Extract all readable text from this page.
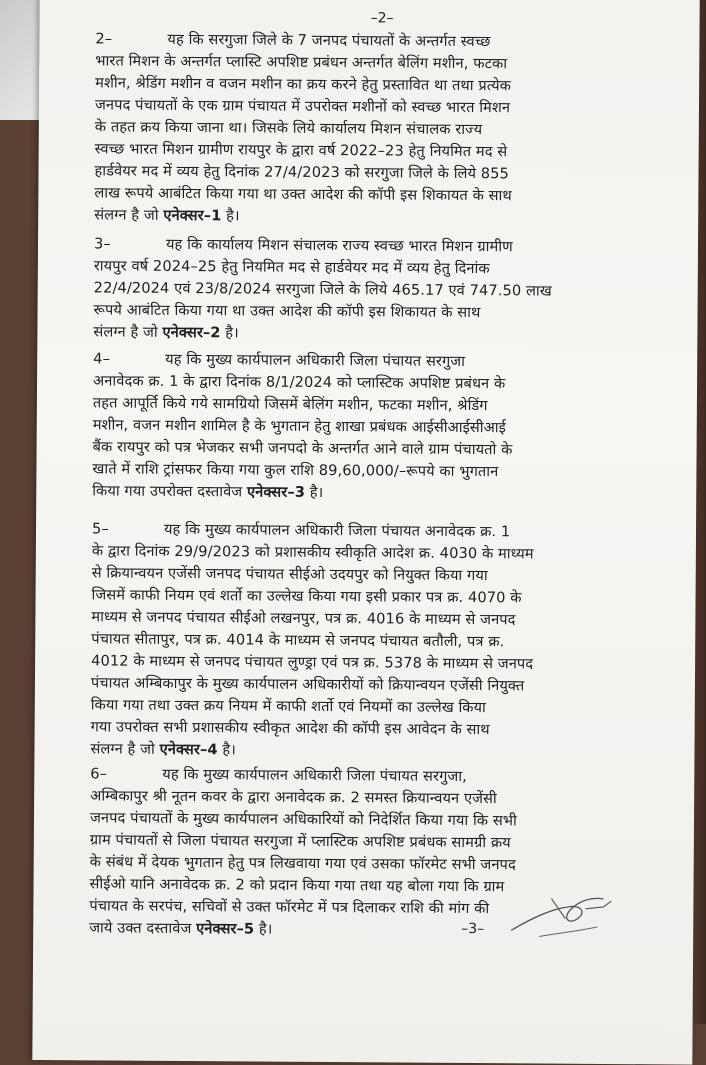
–2–
2–	यह कि सरगुजा जिले के 7 जनपद पंचायतों के अन्तर्गत स्वच्छ
भारत मिशन के अन्तर्गत प्लास्टि अपशिष्ट प्रबंधन अन्तर्गत बेलिंग मशीन, फटका
मशीन, श्रेडिंग मशीन व वजन मशीन का क्रय करने हेतु प्रस्तावित था तथा प्रत्येक
जनपद पंचायतों के एक ग्राम पंचायत में उपरोक्त मशीनों को स्वच्छ भारत मिशन
के तहत क्रय किया जाना था। जिसके लिये कार्यालय मिशन संचालक राज्य
स्वच्छ भारत मिशन ग्रामीण रायपुर के द्वारा वर्ष 2022–23 हेतु नियमित मद से
हार्डवेयर मद में व्यय हेतु दिनांक 27/4/2023 को सरगुजा जिले के लिये 855
लाख रूपये आबंटित किया गया था उक्त आदेश की कॉपी इस शिकायत के साथ
संलग्न है जो एनेक्सर–1 है।
3–	यह कि कार्यालय मिशन संचालक राज्य स्वच्छ भारत मिशन ग्रामीण
रायपुर वर्ष 2024–25 हेतु नियमित मद से हार्डवेयर मद में व्यय हेतु दिनांक
22/4/2024 एवं 23/8/2024 सरगुजा जिले के लिये 465.17 एवं 747.50 लाख
रूपये आबंटित किया गया था उक्त आदेश की कॉपी इस शिकायत के साथ
संलग्न है जो एनेक्सर–2 है।
4–	यह कि मुख्य कार्यपालन अधिकारी जिला पंचायत सरगुजा
अनावेदक क्र. 1 के द्वारा दिनांक 8/1/2024 को प्लास्टिक अपशिष्ट प्रबंधन के
तहत आपूर्ति किये गये सामग्रियो जिसमें बेलिंग मशीन, फटका मशीन, श्रेडिंग
मशीन, वजन मशीन शामिल है के भुगतान हेतु शाखा प्रबंधक आईसीआईसीआई
बैंक रायपुर को पत्र भेजकर सभी जनपदो के अन्तर्गत आने वाले ग्राम पंचायतो के
खाते में राशि ट्रांसफर किया गया कुल राशि 89,60,000/–रूपये का भुगतान
किया गया उपरोक्त दस्तावेज एनेक्सर–3 है।
5–	यह कि मुख्य कार्यपालन अधिकारी जिला पंचायत अनावेदक क्र. 1
के द्वारा दिनांक 29/9/2023 को प्रशासकीय स्वीकृति आदेश क्र. 4030 के माध्यम
से क्रियान्वयन एजेंसी जनपद पंचायत सीईओ उदयपुर को नियुक्त किया गया
जिसमें काफी नियम एवं शर्तो का उल्लेख किया गया इसी प्रकार पत्र क्र. 4070 के
माध्यम से जनपद पंचायत सीईओ लखनपुर, पत्र क्र. 4016 के माध्यम से जनपद
पंचायत सीतापुर, पत्र क्र. 4014 के माध्यम से जनपद पंचायत बतौली, पत्र क्र.
4012 के माध्यम से जनपद पंचायत लुण्ड्रा एवं पत्र क्र. 5378 के माध्यम से जनपद
पंचायत अम्बिकापुर के मुख्य कार्यपालन अधिकारीयों को क्रियान्वयन एजेंसी नियुक्त
किया गया तथा उक्त क्रय नियम में काफी शर्तो एवं नियमों का उल्लेख किया
गया उपरोक्त सभी प्रशासकीय स्वीकृत आदेश की कॉपी इस आवेदन के साथ
संलग्न है जो एनेक्सर–4 है।
6–	यह कि मुख्य कार्यपालन अधिकारी जिला पंचायत सरगुजा,
अम्बिकापुर श्री नूतन कवर के द्वारा अनावेदक क्र. 2 समस्त क्रियान्वयन एजेंसी
जनपद पंचायतों के मुख्य कार्यपालन अधिकारियों को निदेर्शित किया गया कि सभी
ग्राम पंचायतों से जिला पंचायत सरगुजा में प्लास्टिक अपशिष्ट प्रबंधक सामग्री क्रय
के संबंध में देयक भुगतान हेतु पत्र लिखवाया गया एवं उसका फॉरमेट सभी जनपद
सीईओ यानि अनावेदक क्र. 2 को प्रदान किया गया तथा यह बोला गया कि ग्राम
पंचायत के सरपंच, सचिवों से उक्त फॉरमेट में पत्र दिलाकर राशि की मांग की
जाये उक्त दस्तावेज एनेक्सर–5 है।	–3–
